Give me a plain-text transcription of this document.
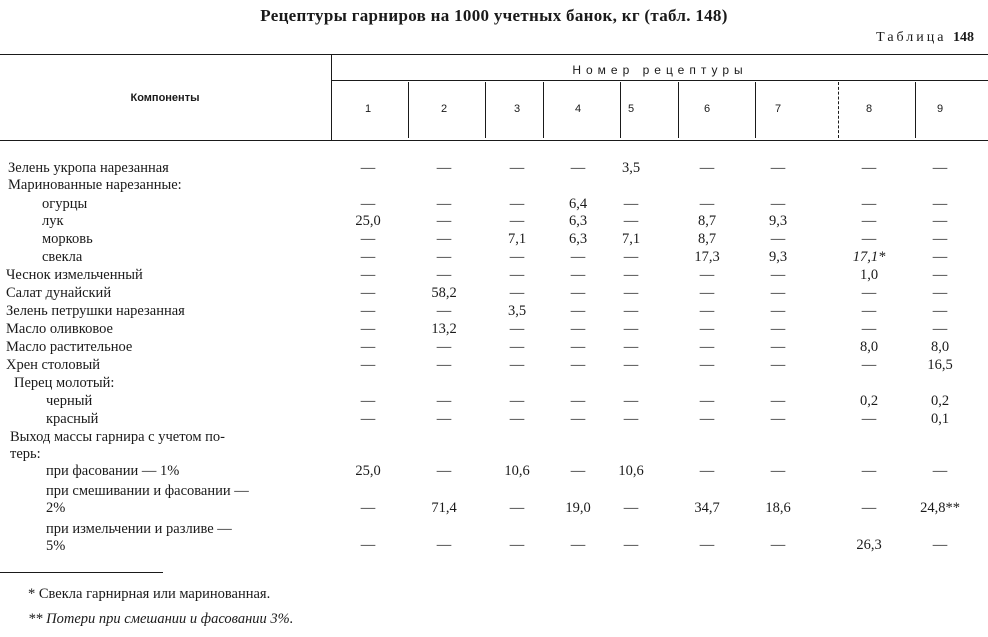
Рецептуры гарниров на 1000 учетных банок, кг (табл. 148)
Таблица 148
Компоненты
Номер рецептуры
1	2	3	4	5	6	7	8	9
Зелень укропа нарезанная	—	—	—	—	3,5	—	—	—	—
Маринованные нарезанные:
огурцы	—	—	—	6,4	—	—	—	—	—
лук	25,0	—	—	6,3	—	8,7	9,3	—	—
морковь	—	—	7,1	6,3	7,1	8,7	—	—	—
свекла	—	—	—	—	—	17,3	9,3	17,1*	—
Чеснок измельченный	—	—	—	—	—	—	—	1,0	—
Салат дунайский	—	58,2	—	—	—	—	—	—	—
Зелень петрушки нарезанная	—	—	3,5	—	—	—	—	—	—
Масло оливковое	—	13,2	—	—	—	—	—	—	—
Масло растительное	—	—	—	—	—	—	—	8,0	8,0
Хрен столовый	—	—	—	—	—	—	—	—	16,5
Перец молотый:
черный	—	—	—	—	—	—	—	0,2	0,2
красный	—	—	—	—	—	—	—	—	0,1
Выход массы гарнира с учетом по-
терь:
при фасовании — 1%	25,0	—	10,6	—	10,6	—	—	—	—
при смешивании и фасовании —
2%	—	71,4	—	19,0	—	34,7	18,6	—	24,8**
при измельчении и разливе —
5%	—	—	—	—	—	—	—	26,3	—
* Свекла гарнирная или маринованная.
** Потери при смешании и фасовании 3%.
